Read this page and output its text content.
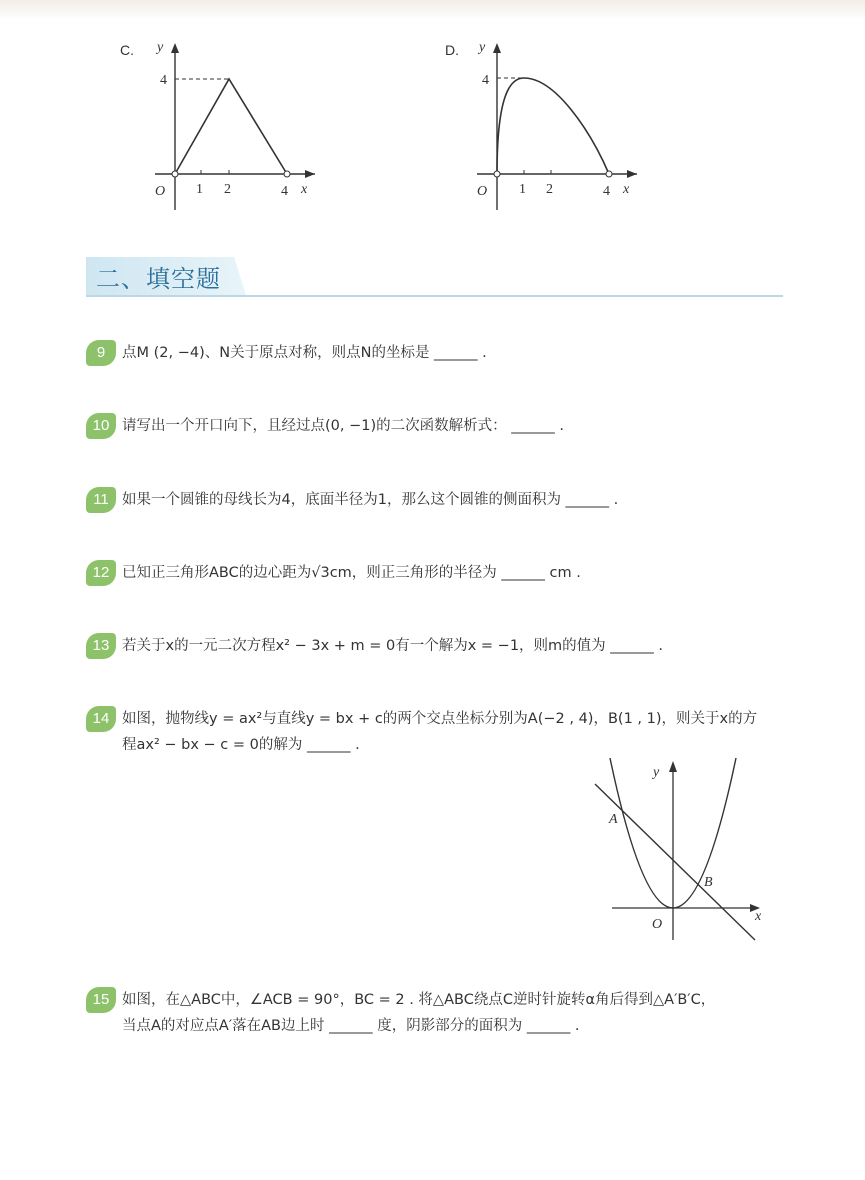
C. y
x
O
4
1 2	4
D. y
x
O
4
1 2	4
二、填空题
9 点M (2, −4)、N关于原点对称，则点N的坐标是 ______ .
10 请写出一个开口向下，且经过点(0, −1)的二次函数解析式： ______ .
11 如果一个圆锥的母线长为4，底面半径为1，那么这个圆锥的侧面积为 ______ .
12 已知正三角形ABC的边心距为√3cm，则正三角形的半径为 ______ cm .
13 若关于x的一元二次方程x² − 3x + m = 0有一个解为x = −1，则m的值为 ______ .
14 如图，抛物线y = ax²与直线y = bx + c的两个交点坐标分别为A(−2 , 4)，B(1 , 1)，则关于x的方
程ax² − bx − c = 0的解为 ______ .
y
x
O
A
B
15 如图，在△ABC中，∠ACB = 90°，BC = 2 . 将△ABC绕点C逆时针旋转α角后得到△A′B′C，
当点A的对应点A′落在AB边上时 ______ 度，阴影部分的面积为 ______ .
